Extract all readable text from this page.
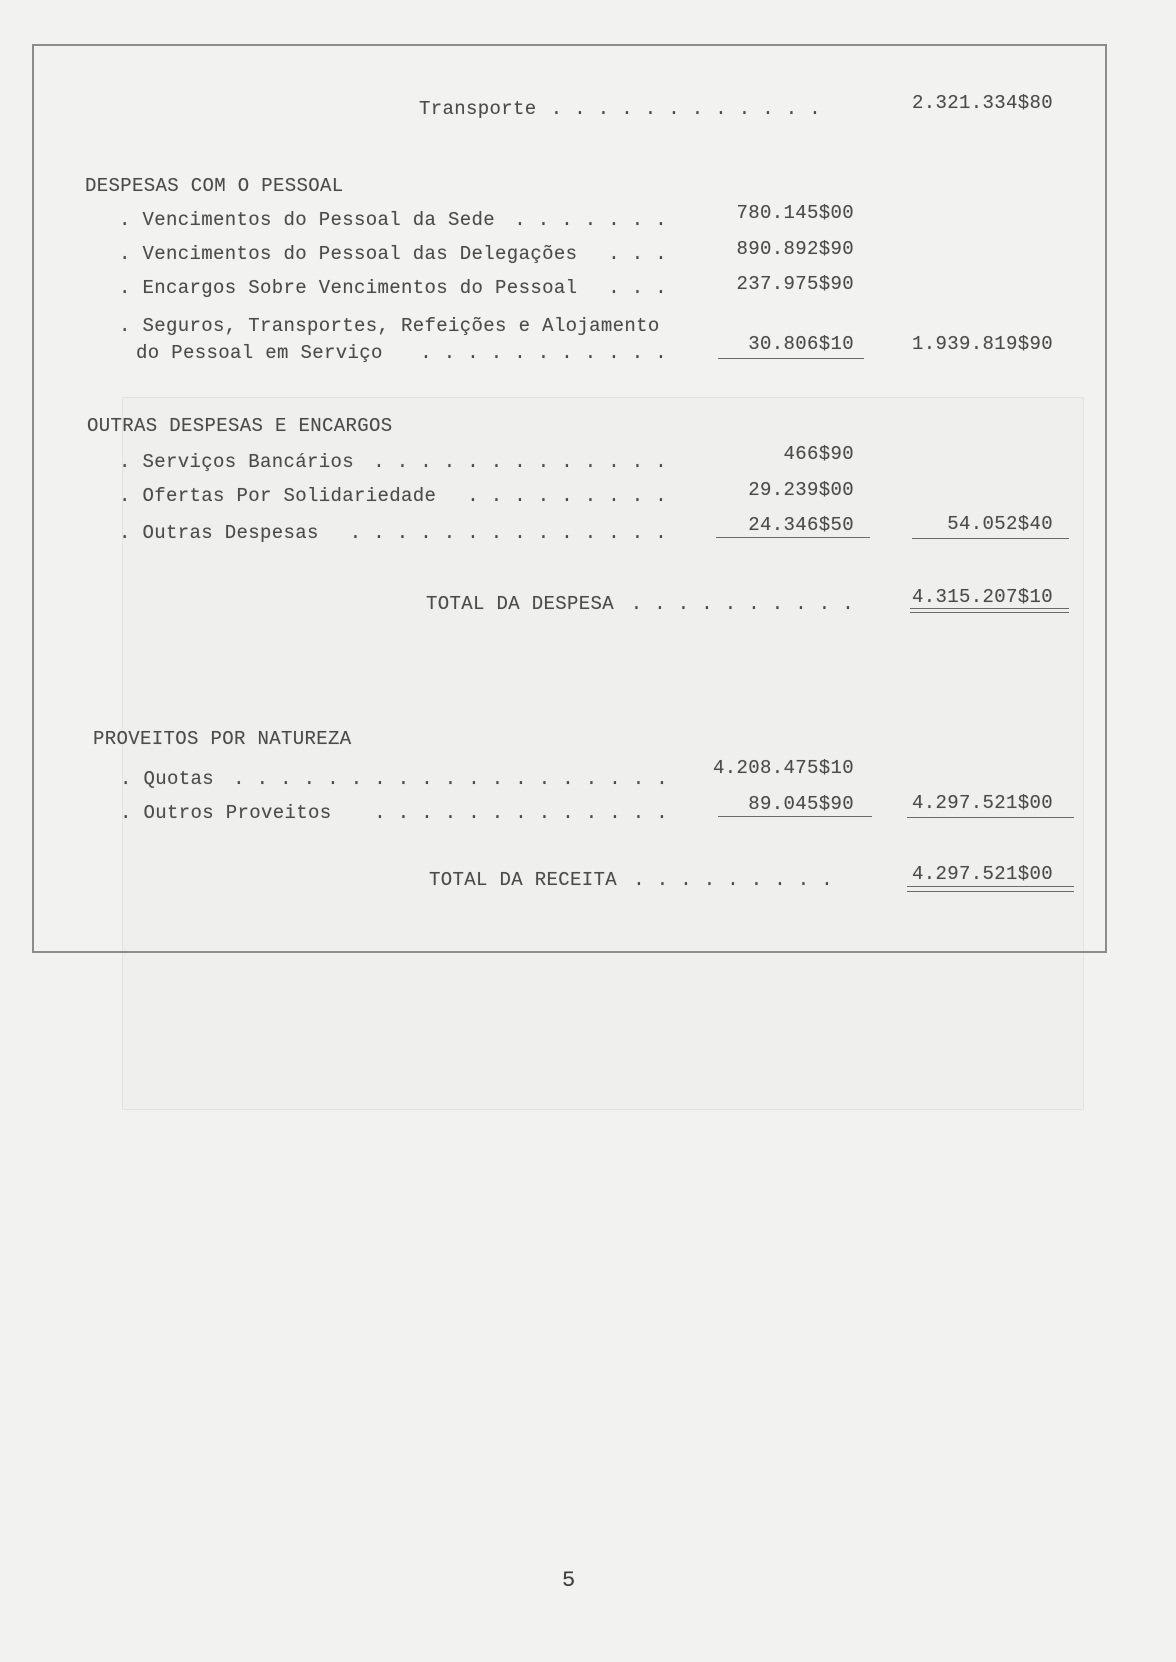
Transporte . . . . . . . . . . . .	2.321.334$80
DESPESAS COM O PESSOAL
. Vencimentos do Pessoal da Sede . . . . . . .	780.145$00
. Vencimentos do Pessoal das Delegações . . .	890.892$90
. Encargos Sobre Vencimentos do Pessoal . . .	237.975$90
. Seguros, Transportes, Refeições e Alojamento
do Pessoal em Serviço . . . . . . . . . . .	30.806$10	1.939.819$90
OUTRAS DESPESAS E ENCARGOS
. Serviços Bancários . . . . . . . . . . . . .	466$90
. Ofertas Por Solidariedade . . . . . . . . .	29.239$00
. Outras Despesas . . . . . . . . . . . . . .	24.346$50	54.052$40
TOTAL DA DESPESA . . . . . . . . . .	4.315.207$10
PROVEITOS POR NATUREZA
. Quotas . . . . . . . . . . . . . . . . . . . 4.208.475$10
. Outros Proveitos . . . . . . . . . . . . .	89.045$90	4.297.521$00
TOTAL DA RECEITA . . . . . . . . .	4.297.521$00
5
